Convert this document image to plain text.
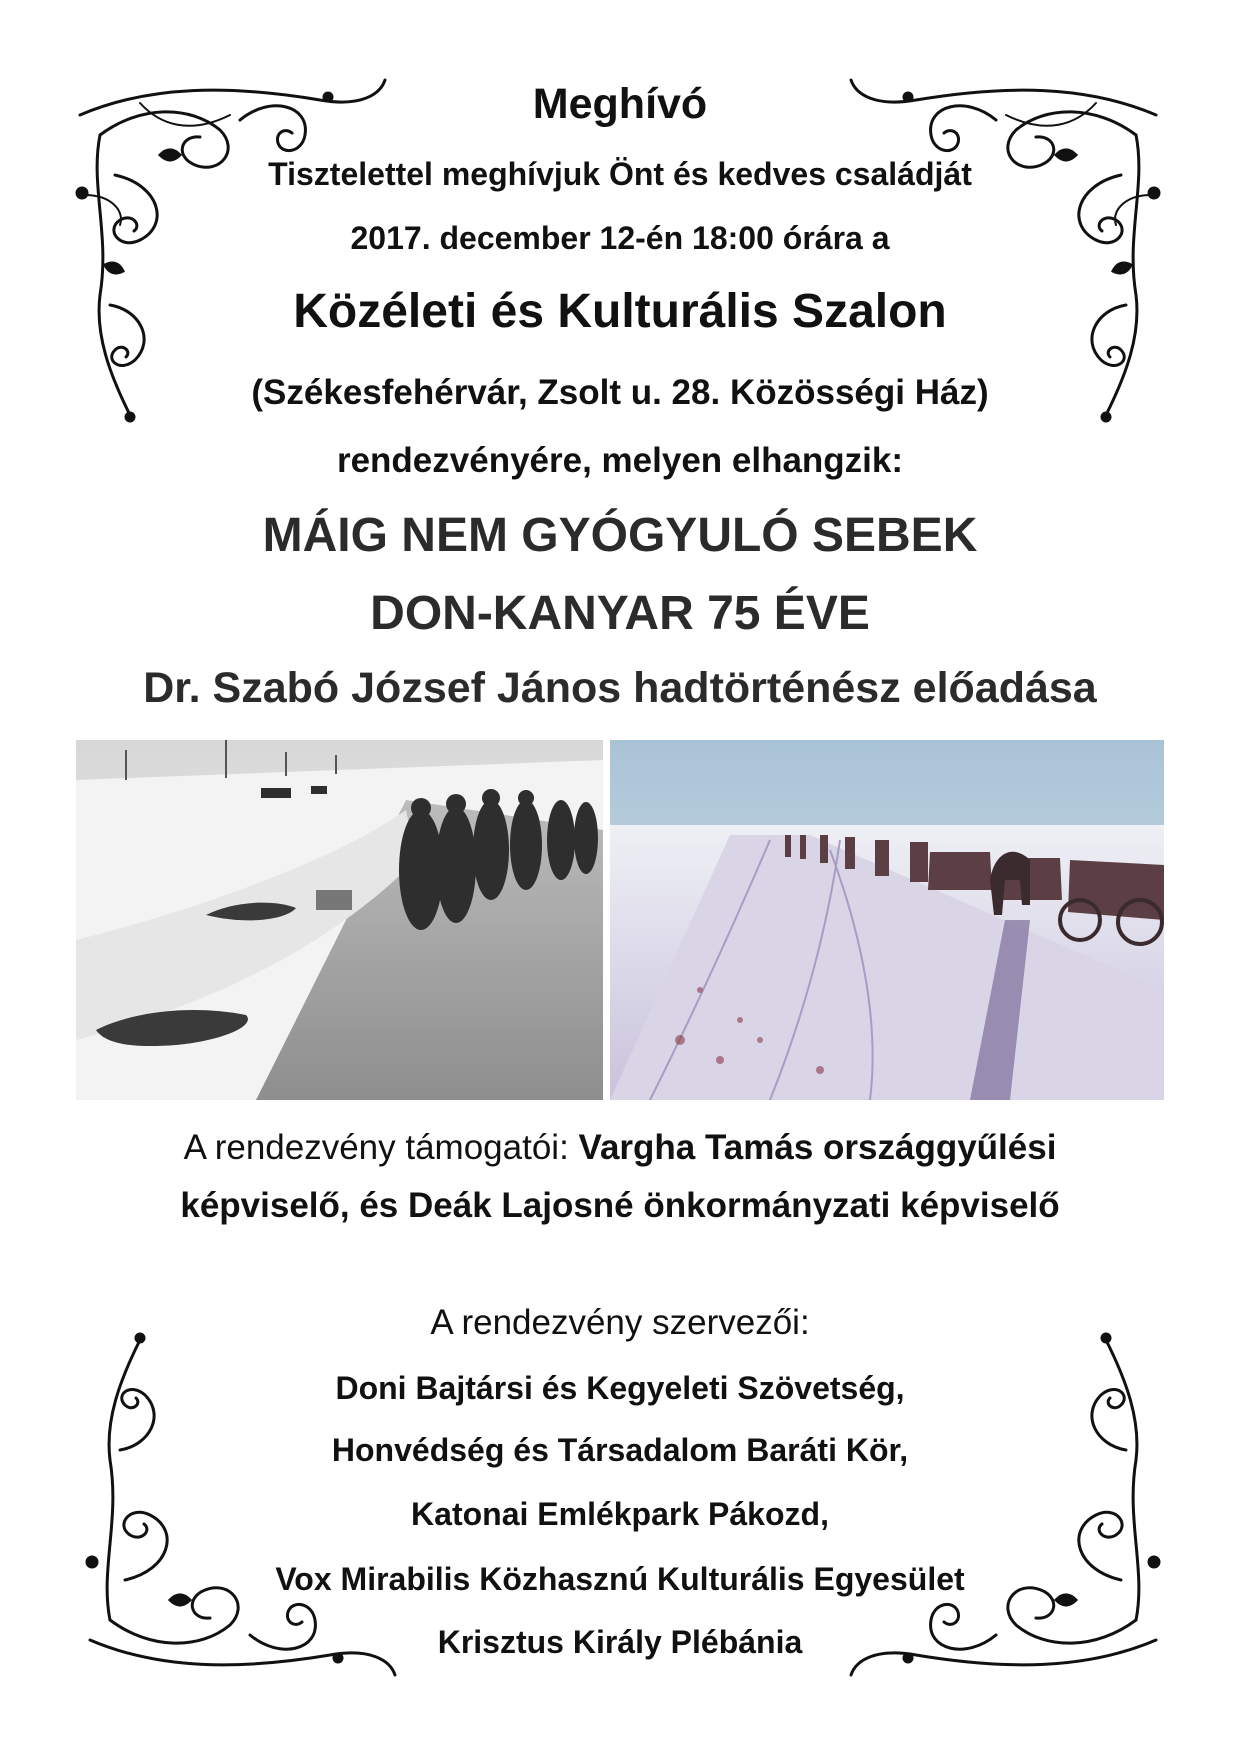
Meghívó
Tisztelettel meghívjuk Önt és kedves családját
2017. december 12-én 18:00 órára a
Közéleti és Kulturális Szalon
(Székesfehérvár, Zsolt u. 28. Közösségi Ház)
rendezvényére, melyen elhangzik:
MÁIG NEM GYÓGYULÓ SEBEK
DON-KANYAR 75 ÉVE
Dr. Szabó József János hadtörténész előadása
A rendezvény támogatói: Vargha Tamás országgyűlési
képviselő, és Deák Lajosné önkormányzati képviselő
A rendezvény szervezői:
Doni Bajtársi és Kegyeleti Szövetség,
Honvédség és Társadalom Baráti Kör,
Katonai Emlékpark Pákozd,
Vox Mirabilis Közhasznú Kulturális Egyesület
Krisztus Király Plébánia
